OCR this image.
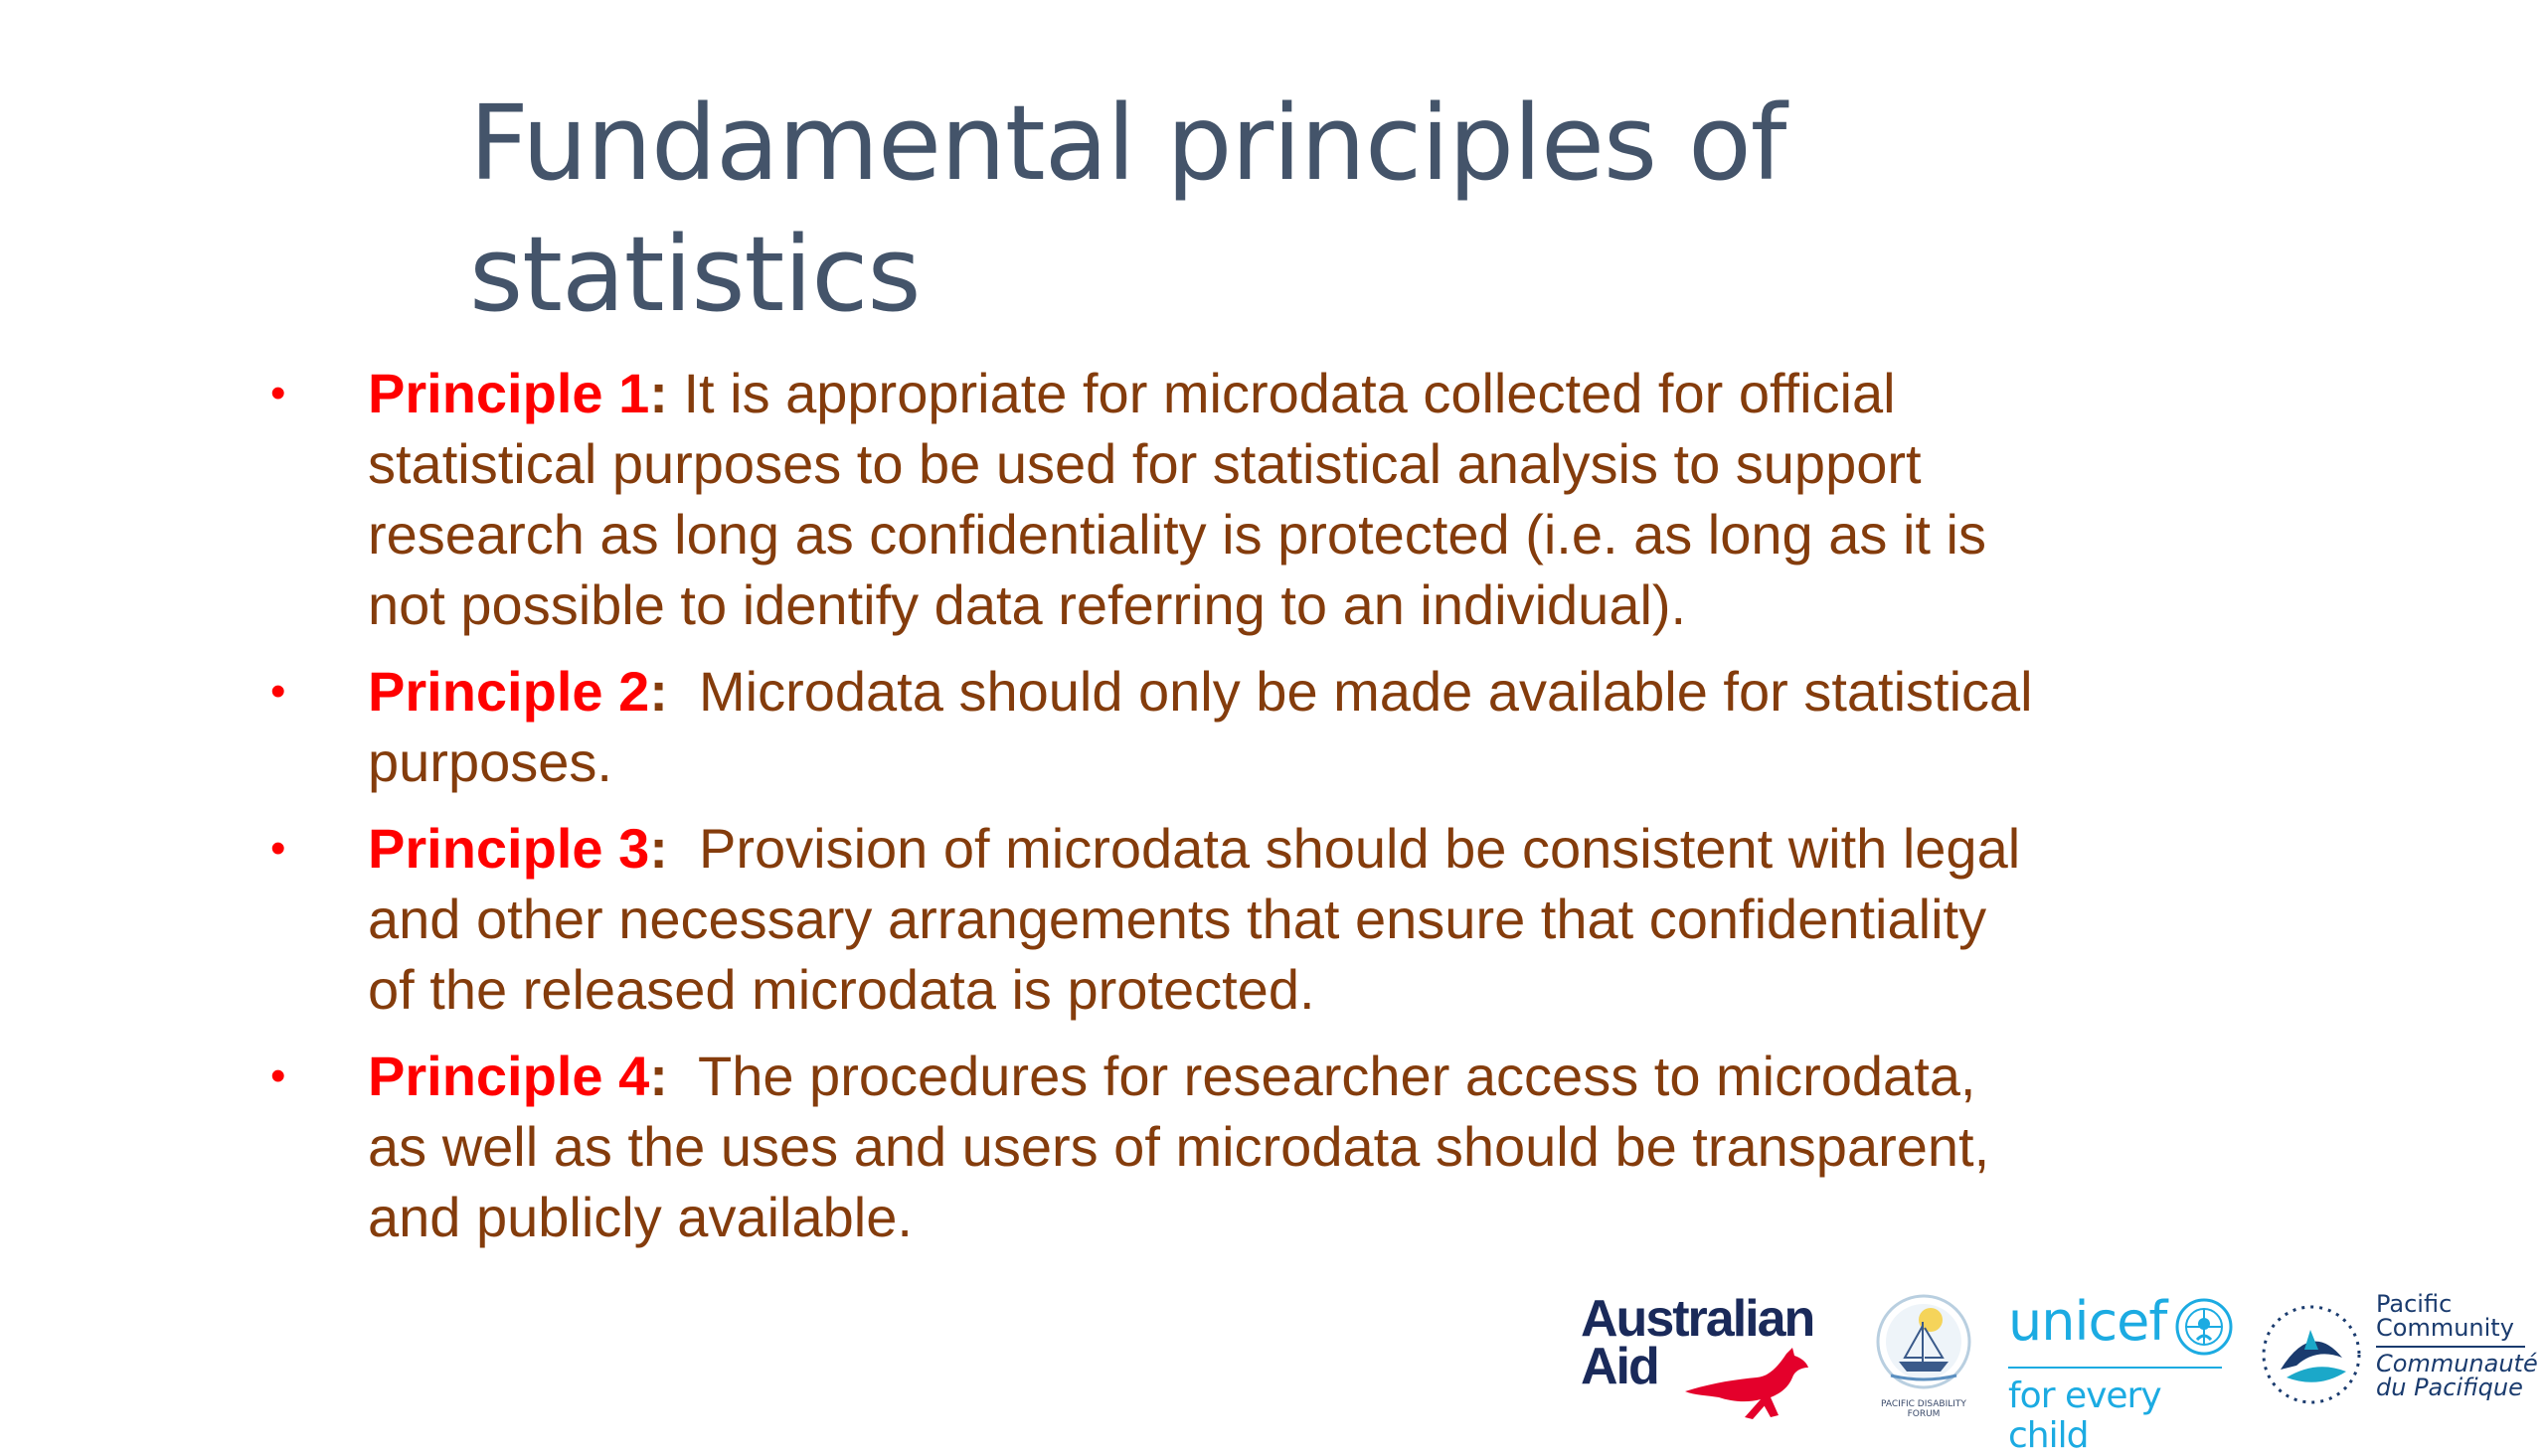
Fundamental principles of statistics
• Principle 1: It is appropriate for microdata collected for official statistical purposes to be used for statistical analysis to support research as long as confidentiality is protected (i.e. as long as it is not possible to identify data referring to an individual).
• Principle 2:  Microdata should only be made available for statistical purposes.
• Principle 3:  Provision of microdata should be consistent with legal and other necessary arrangements that ensure that confidentiality of the released microdata is protected.
• Principle 4:  The procedures for researcher access to microdata, as well as the uses and users of microdata should be transparent, and publicly available.
Australian
Aid
PACIFIC DISABILITY FORUM
unicef
for every child
Pacific
Community
Communauté
du Pacifique
